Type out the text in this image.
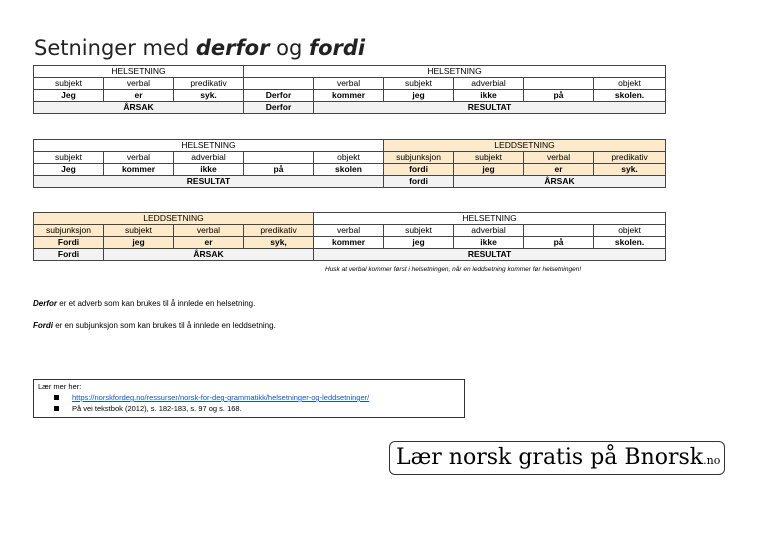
Setninger med derfor og fordi
HELSETNING			HELSETNING					
subjekt	verbal	predikativ		verbal	subjekt	adverbial		objekt
Jeg	er	syk.	Derfor	kommer	jeg	ikke	på	skolen.
ÅRSAK			Derfor	RESULTAT				
HELSETNING					LEDDSETNING			
subjekt	verbal	adverbial		objekt	subjunksjon	subjekt	verbal	predikativ
Jeg	kommer	ikke	på	skolen	fordi	jeg	er	syk.
RESULTAT					fordi	ÅRSAK		
LEDDSETNING				HELSETNING				
subjunksjon	subjekt	verbal	predikativ	verbal	subjekt	adverbial		objekt
Fordi	jeg	er	syk,	kommer	jeg	ikke	på	skolen.
Fordi	ÅRSAK			RESULTAT				
Husk at verbal kommer først i helsetningen, når en leddsetning kommer før helsetningen!
Derfor er et adverb som kan brukes til å innlede en helsetning.
Fordi er en subjunksjon som kan brukes til å innlede en leddsetning.
Lær mer her:
https://norskfordeg.no/ressurser/norsk-for-deg-grammatikk/helsetninger-og-leddsetninger/
På vei tekstbok (2012), s. 182-183, s. 97 og s. 168.
Lær norsk gratis på Bnorsk.no
